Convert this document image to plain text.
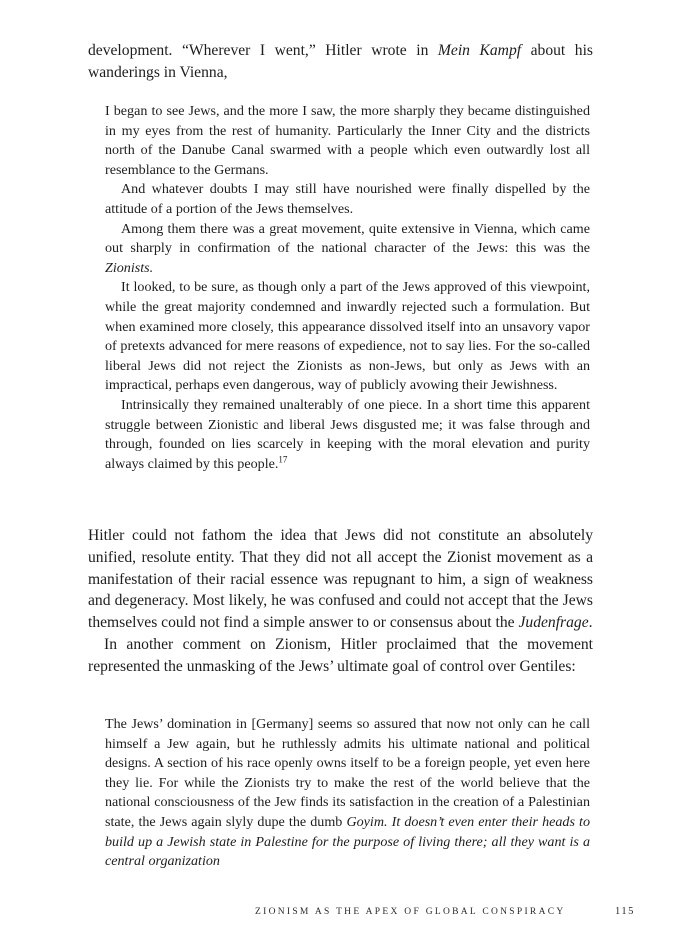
development. “Wherever I went,” Hitler wrote in Mein Kampf about his wanderings in Vienna,

I began to see Jews, and the more I saw, the more sharply they became distinguished in my eyes from the rest of humanity. Particularly the Inner City and the districts north of the Danube Canal swarmed with a people which even outwardly lost all resemblance to the Germans.

And whatever doubts I may still have nourished were finally dispelled by the attitude of a portion of the Jews themselves.

Among them there was a great movement, quite extensive in Vienna, which came out sharply in confirmation of the national character of the Jews: this was the Zionists.

It looked, to be sure, as though only a part of the Jews approved of this viewpoint, while the great majority condemned and inwardly rejected such a formulation. But when examined more closely, this appearance dissolved itself into an unsavory vapor of pretexts advanced for mere reasons of expedience, not to say lies. For the so-called liberal Jews did not reject the Zionists as non-Jews, but only as Jews with an impractical, perhaps even dangerous, way of publicly avowing their Jewishness.

Intrinsically they remained unalterably of one piece. In a short time this apparent struggle between Zionistic and liberal Jews disgusted me; it was false through and through, founded on lies scarcely in keeping with the moral elevation and purity always claimed by this people.$^{17}$

Hitler could not fathom the idea that Jews did not constitute an absolutely unified, resolute entity. That they did not all accept the Zionist movement as a manifestation of their racial essence was repugnant to him, a sign of weakness and degeneracy. Most likely, he was confused and could not accept that the Jews themselves could not find a simple answer to or consensus about the Judenfrage.

In another comment on Zionism, Hitler proclaimed that the movement represented the unmasking of the Jews’ ultimate goal of control over Gentiles:

The Jews’ domination in [Germany] seems so assured that now not only can he call himself a Jew again, but he ruthlessly admits his ultimate national and political designs. A section of his race openly owns itself to be a foreign people, yet even here they lie. For while the Zionists try to make the rest of the world believe that the national consciousness of the Jew finds its satisfaction in the creation of a Palestinian state, the Jews again slyly dupe the dumb Goyim. It doesn’t even enter their heads to build up a Jewish state in Palestine for the purpose of living there; all they want is a central organization

ZIONISM AS THE APEX OF GLOBAL CONSPIRACY	115
